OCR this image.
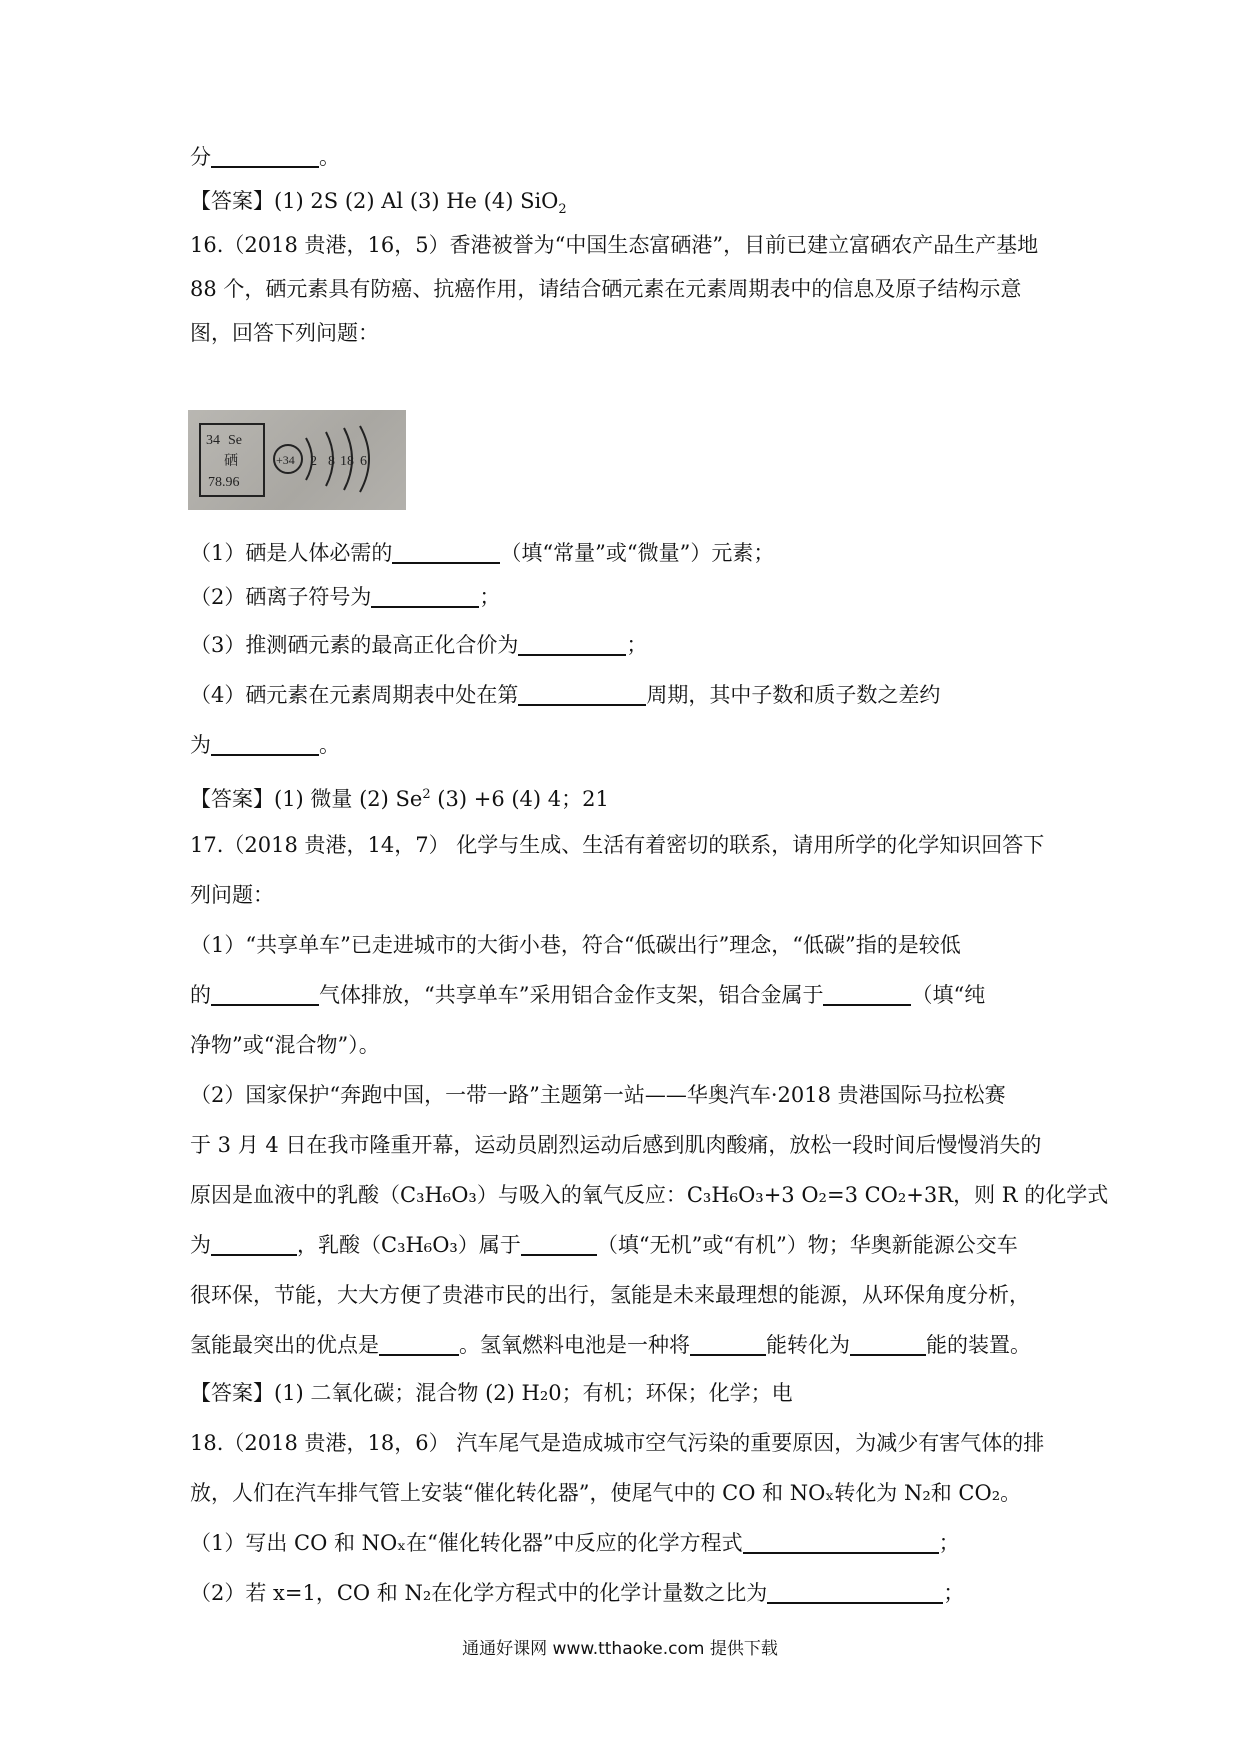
分	。
【答案】(1) 2S (2) Al (3) He (4) SiO$_2$
16.（2018 贵港，16，5）香港被誉为“中国生态富硒港”，目前已建立富硒农产品生产基地
88 个，硒元素具有防癌、抗癌作用，请结合硒元素在元素周期表中的信息及原子结构示意
图，回答下列问题：
34 Se
硒
78.96
+34 2 8 18 6
（1）硒是人体必需的	（填“常量”或“微量”）元素；
（2）硒离子符号为	；
（3）推测硒元素的最高正化合价为	；
（4）硒元素在元素周期表中处在第	周期，其中子数和质子数之差约
为	。
【答案】(1) 微量 (2) Se$^2$ (3) +6 (4) 4；21
17.（2018 贵港，14，7） 化学与生成、生活有着密切的联系，请用所学的化学知识回答下
列问题：
（1）“共享单车”已走进城市的大街小巷，符合“低碳出行”理念，“低碳”指的是较低
的	气体排放，“共享单车”采用铝合金作支架，铝合金属于	（填“纯
净物”或“混合物”）。
（2）国家保护“奔跑中国，一带一路”主题第一站——华奥汽车·2018 贵港国际马拉松赛
于 3 月 4 日在我市隆重开幕，运动员剧烈运动后感到肌肉酸痛，放松一段时间后慢慢消失的
原因是血液中的乳酸（C₃H₆O₃）与吸入的氧气反应：C₃H₆O₃+3 O₂=3 CO₂+3R，则 R 的化学式
为	，乳酸（C₃H₆O₃）属于	（填“无机”或“有机”）物；华奥新能源公交车
很环保，节能，大大方便了贵港市民的出行，氢能是未来最理想的能源，从环保角度分析，
氢能最突出的优点是	。氢氧燃料电池是一种将	能转化为	能的装置。
【答案】(1) 二氧化碳；混合物 (2) H₂0；有机；环保；化学；电
18.（2018 贵港，18，6） 汽车尾气是造成城市空气污染的重要原因，为减少有害气体的排
放，人们在汽车排气管上安装“催化转化器”，使尾气中的 CO 和 NOₓ转化为 N₂和 CO₂。
（1）写出 CO 和 NOₓ在“催化转化器”中反应的化学方程式	；
（2）若 x=1，CO 和 N₂在化学方程式中的化学计量数之比为	；
通通好课网 www.tthaoke.com 提供下载
